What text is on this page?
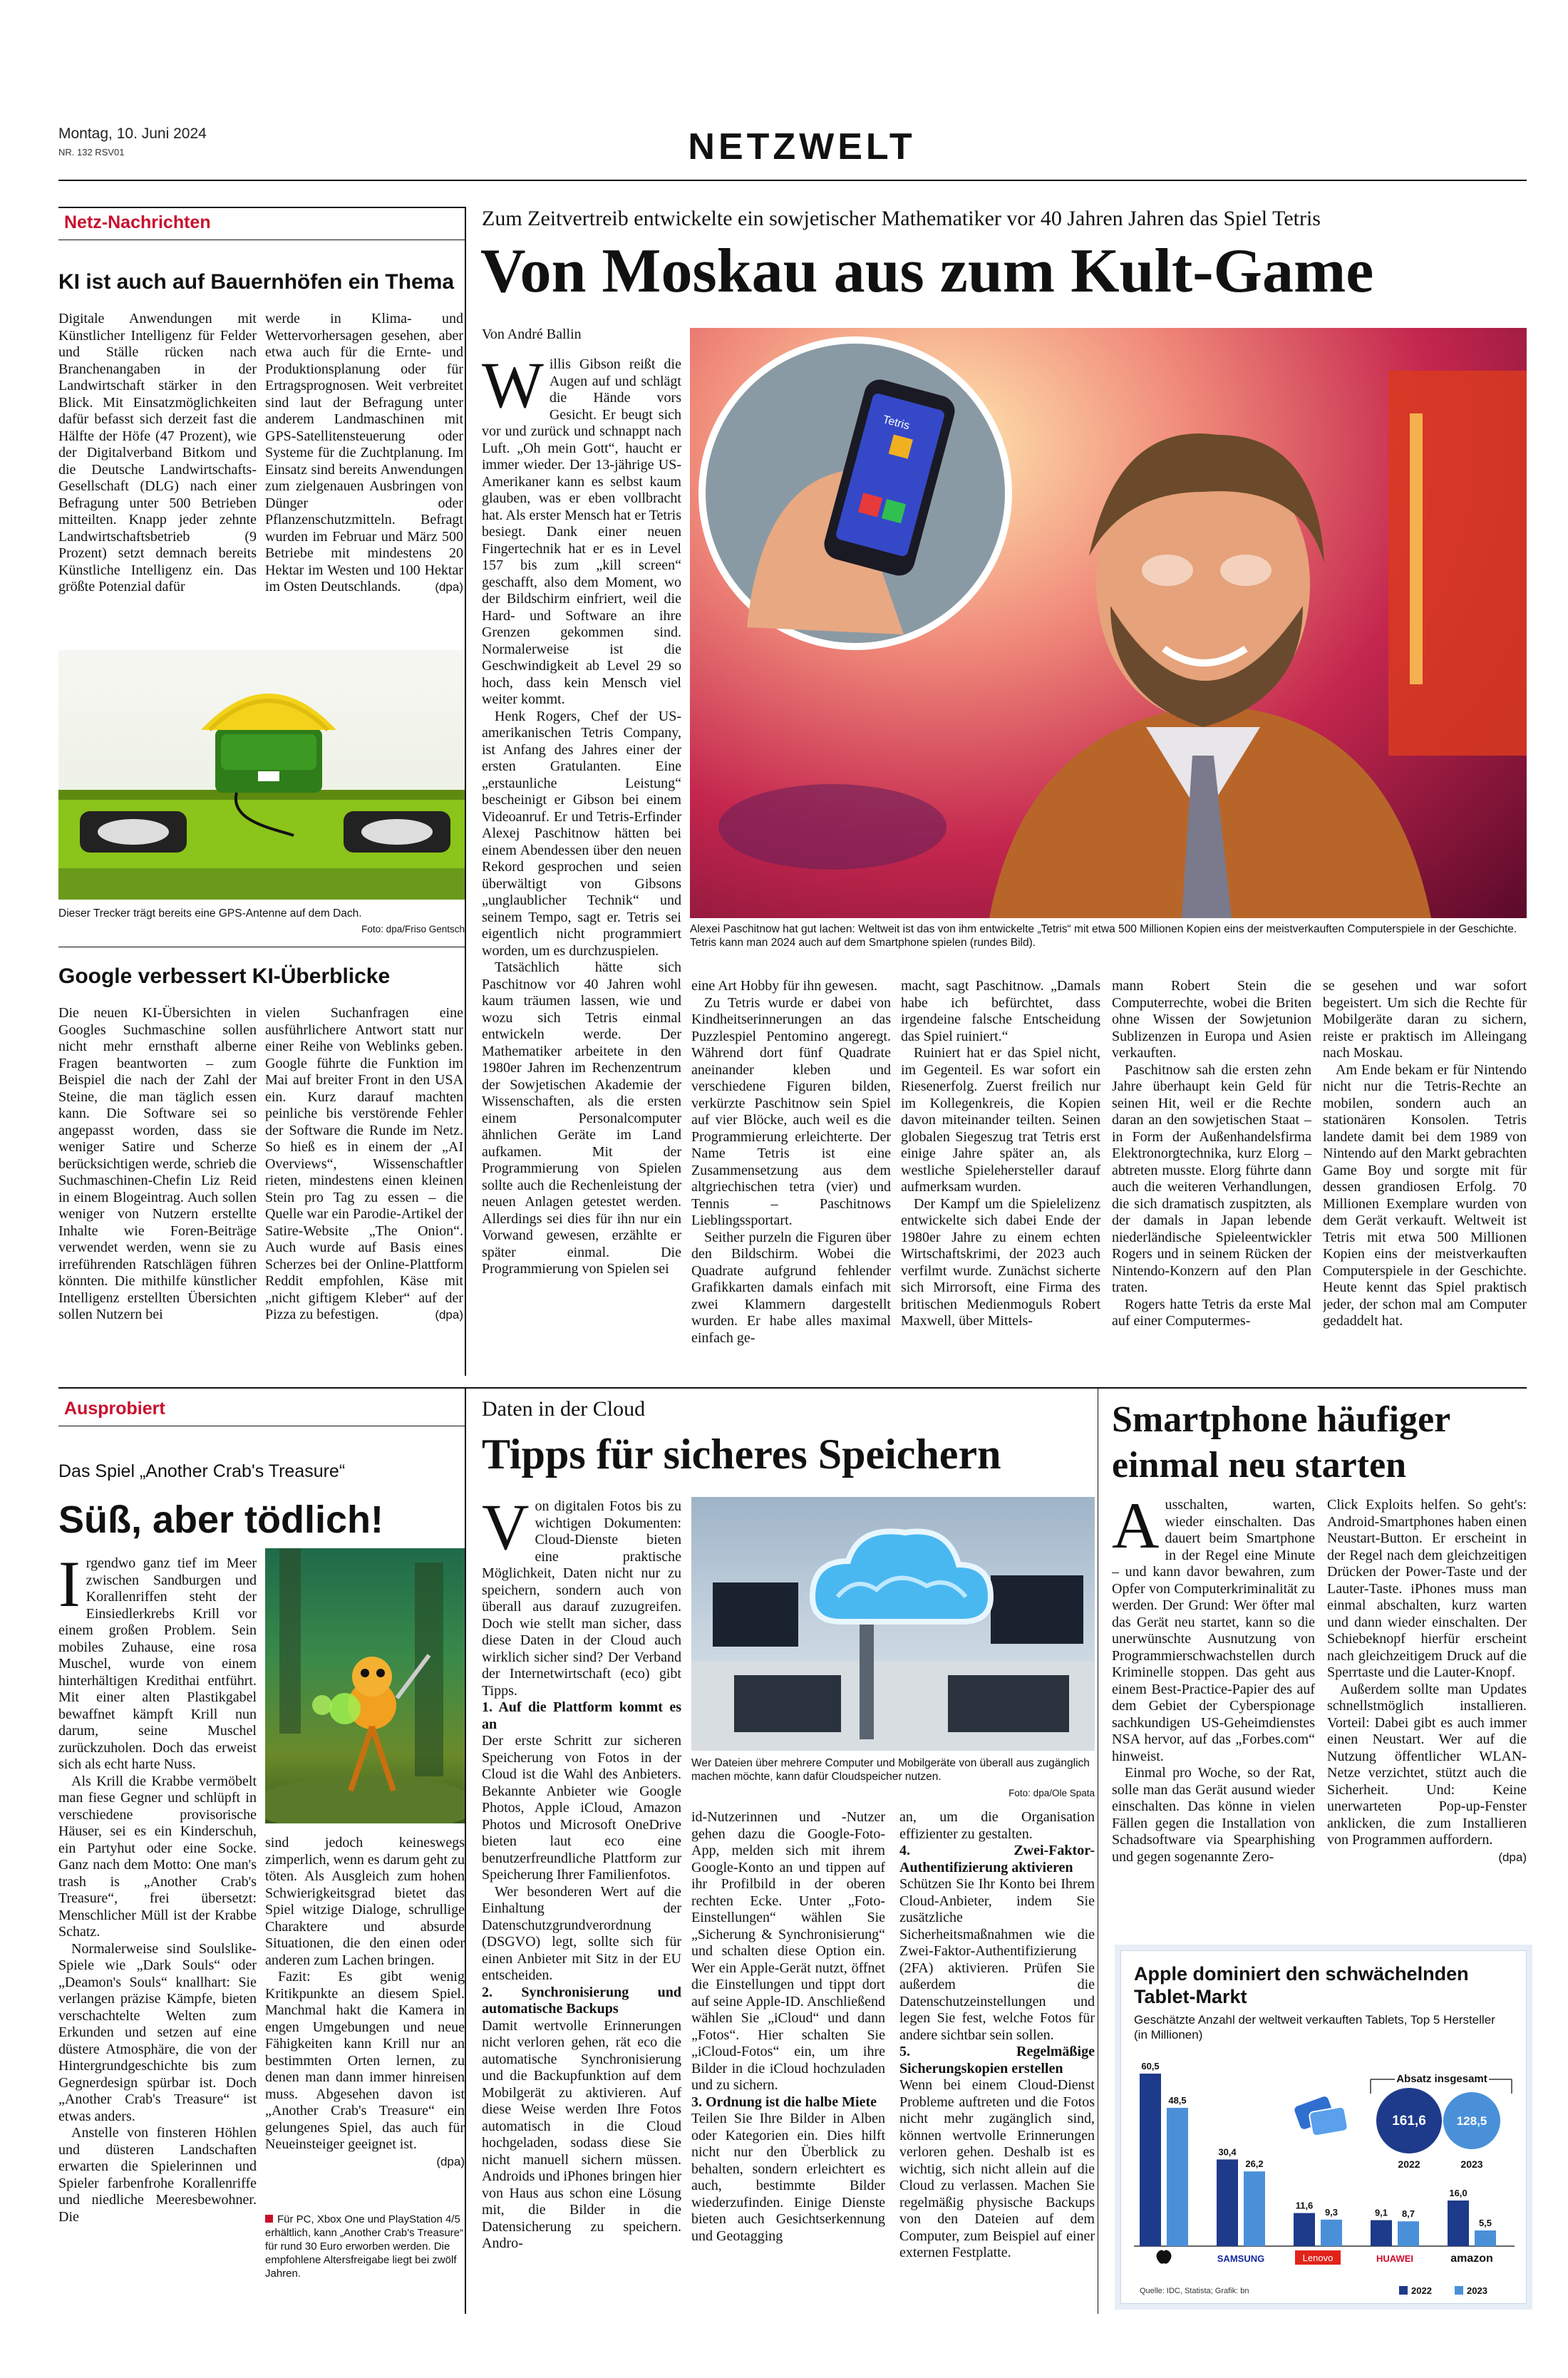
Montag, 10. Juni 2024
NR. 132 RSV01	NETZWELT
Netz-Nachrichten
KI ist auch auf Bauernhöfen ein Thema
Digitale Anwendungen mit Künstlicher Intelligenz für Felder und Ställe rücken nach Branchenangaben in der Landwirtschaft stärker in den Blick. Mit Einsatzmöglichkeiten dafür befasst sich derzeit fast die Hälfte der Höfe (47 Prozent), wie der Digitalverband Bitkom und die Deutsche Landwirtschafts-Gesellschaft (DLG) nach einer Befragung unter 500 Betrieben mitteilten. Knapp jeder zehnte Landwirtschaftsbetrieb (9 Prozent) setzt demnach bereits Künstliche Intelligenz ein. Das größte Potenzial dafür
werde in Klima- und Wettervorhersagen gesehen, aber etwa auch für die Ernte- und Produktionsplanung oder für Ertragsprognosen. Weit verbreitet sind laut der Befragung unter anderem Landmaschinen mit GPS-Satellitensteuerung oder Systeme für die Zuchtplanung. Im Einsatz sind bereits Anwendungen zum zielgenauen Ausbringen von Dünger oder Pflanzenschutzmitteln. Befragt wurden im Februar und März 500 Betriebe mit mindestens 20 Hektar im Westen und 100 Hektar im Osten Deutschlands.	(dpa)
Dieser Trecker trägt bereits eine GPS-Antenne auf dem Dach.
Foto: dpa/Friso Gentsch
Google verbessert KI-Überblicke
Die neuen KI-Übersichten in Googles Suchmaschine sollen nicht mehr ernsthaft alberne Fragen beantworten – zum Beispiel die nach der Zahl der Steine, die man täglich essen kann. Die Software sei so angepasst worden, dass sie weniger Satire und Scherze berücksichtigen werde, schrieb die Suchmaschinen-Chefin Liz Reid in einem Blogeintrag. Auch sollen weniger von Nutzern erstellte Inhalte wie Foren-Beiträge verwendet werden, wenn sie zu irreführenden Ratschlägen führen könnten. Die mithilfe künstlicher Intelligenz erstellten Übersichten sollen Nutzern bei
vielen Suchanfragen eine ausführlichere Antwort statt nur einer Reihe von Weblinks geben. Google führte die Funktion im Mai auf breiter Front in den USA ein. Kurz darauf machten peinliche bis verstörende Fehler der Software die Runde im Netz. So hieß es in einem der „AI Overviews“, Wissenschaftler rieten, mindestens einen kleinen Stein pro Tag zu essen – die Quelle war ein Parodie-Artikel der Satire-Website „The Onion“. Auch wurde auf Basis eines Scherzes bei der Online-Plattform Reddit empfohlen, Käse mit „nicht giftigem Kleber“ auf der Pizza zu befestigen.	(dpa)
Zum Zeitvertreib entwickelte ein sowjetischer Mathematiker vor 40 Jahren Jahren das Spiel Tetris
Von Moskau aus zum Kult-Game
Von André Ballin
Tetris
Alexei Paschitnow hat gut lachen: Weltweit ist das von ihm entwickelte „Tetris“ mit etwa 500 Millionen Kopien eins der meistverkauften Computerspiele in der Geschichte. Tetris kann man 2024 auch auf dem Smartphone spielen (rundes Bild).

Willis Gibson reißt die Augen auf und schlägt die Hände vors Gesicht. Er beugt sich vor und zurück und schnappt nach Luft. „Oh mein Gott“, haucht er immer wieder. Der 13-jährige US-Amerikaner kann es selbst kaum glauben, was er eben vollbracht hat. Als erster Mensch hat er Tetris besiegt. Dank einer neuen Fingertechnik hat er es in Level 157 bis zum „kill screen“ geschafft, also dem Moment, wo der Bildschirm einfriert, weil die Hard- und Software an ihre Grenzen gekommen sind. Normalerweise ist die Geschwindigkeit ab Level 29 so hoch, dass kein Mensch viel weiter kommt.

Henk Rogers, Chef der US-amerikanischen Tetris Company, ist Anfang des Jahres einer der ersten Gratulanten. Eine „erstaunliche Leistung“ bescheinigt er Gibson bei einem Videoanruf. Er und Tetris-Erfinder Alexej Paschitnow hätten bei einem Abendessen über den neuen Rekord gesprochen und seien überwältigt von Gibsons „unglaublicher Technik“ und seinem Tempo, sagt er. Tetris sei eigentlich nicht programmiert worden, um es durchzuspielen.

Tatsächlich hätte sich Paschitnow vor 40 Jahren wohl kaum träumen lassen, wie und wozu sich Tetris einmal entwickeln werde. Der Mathematiker arbeitete in den 1980er Jahren im Rechenzentrum der Sowjetischen Akademie der Wissenschaften, als die ersten einem Personalcomputer ähnlichen Geräte im Land aufkamen. Mit der Programmierung von Spielen sollte auch die Rechenleistung der neuen Anlagen getestet werden. Allerdings sei dies für ihn nur ein Vorwand gewesen, erzählte er später einmal. Die Programmierung von Spielen sei

eine Art Hobby für ihn gewesen.

Zu Tetris wurde er dabei von Kindheitserinnerungen an das Puzzlespiel Pentomino angeregt. Während dort fünf Quadrate aneinander kleben und verschiedene Figuren bilden, verkürzte Paschitnow sein Spiel auf vier Blöcke, auch weil es die Programmierung erleichterte. Der Name Tetris ist eine Zusammensetzung aus dem altgriechischen tetra (vier) und Tennis – Paschitnows Lieblingssportart.

Seither purzeln die Figuren über den Bildschirm. Wobei die Quadrate aufgrund fehlender Grafikkarten damals einfach mit zwei Klammern dargestellt wurden. Er habe alles maximal einfach ge-

macht, sagt Paschitnow. „Damals habe ich befürchtet, dass irgendeine falsche Entscheidung das Spiel ruiniert.“

Ruiniert hat er das Spiel nicht, im Gegenteil. Es war sofort ein Riesenerfolg. Zuerst freilich nur im Kollegenkreis, die Kopien davon miteinander teilten. Seinen globalen Siegeszug trat Tetris erst einige Jahre später an, als westliche Spielehersteller darauf aufmerksam wurden.

Der Kampf um die Spielelizenz entwickelte sich dabei Ende der 1980er Jahre zu einem echten Wirtschaftskrimi, der 2023 auch verfilmt wurde. Zunächst sicherte sich Mirrorsoft, eine Firma des britischen Medienmoguls Robert Maxwell, über Mittels-

mann Robert Stein die Computerrechte, wobei die Briten ohne Wissen der Sowjetunion Sublizenzen in Europa und Asien verkauften.

Paschitnow sah die ersten zehn Jahre überhaupt kein Geld für seinen Hit, weil er die Rechte daran an den sowjetischen Staat – in Form der Außenhandelsfirma Elektronorgtechnika, kurz Elorg – abtreten musste. Elorg führte dann auch die weiteren Verhandlungen, die sich dramatisch zuspitzten, als der damals in Japan lebende niederländische Spieleentwickler Rogers und in seinem Rücken der Nintendo-Konzern auf den Plan traten.

Rogers hatte Tetris da erste Mal auf einer Computermes-

se gesehen und war sofort begeistert. Um sich die Rechte für Mobilgeräte daran zu sichern, reiste er praktisch im Alleingang nach Moskau.

Am Ende bekam er für Nintendo nicht nur die Tetris-Rechte an mobilen, sondern auch an stationären Konsolen. Tetris landete damit bei dem 1989 von Nintendo auf den Markt gebrachten Game Boy und sorgte mit für dessen grandiosen Erfolg. 70 Millionen Exemplare wurden von dem Gerät verkauft. Weltweit ist Tetris mit etwa 500 Millionen Kopien eins der meistverkauften Computerspiele in der Geschichte. Heute kennt das Spiel praktisch jeder, der schon mal am Computer gedaddelt hat.

Ausprobiert
Das Spiel „Another Crab's Treasure“
Süß, aber tödlich!

Irgendwo ganz tief im Meer zwischen Sandburgen und Korallenriffen steht der Einsiedlerkrebs Krill vor einem großen Problem. Sein mobiles Zuhause, eine rosa Muschel, wurde von einem hinterhältigen Kredithai entführt. Mit einer alten Plastikgabel bewaffnet kämpft Krill nun darum, seine Muschel zurückzuholen. Doch das erweist sich als echt harte Nuss.

Als Krill die Krabbe vermöbelt man fiese Gegner und schlüpft in verschiedene provisorische Häuser, sei es ein Kinderschuh, ein Partyhut oder eine Socke. Ganz nach dem Motto: One man's trash is „Another Crab's Treasure“, frei übersetzt: Menschlicher Müll ist der Krabbe Schatz.

Normalerweise sind Soulslike-Spiele wie „Dark Souls“ oder „Deamon's Souls“ knallhart: Sie verlangen präzise Kämpfe, bieten verschachtelte Welten zum Erkunden und setzen auf eine düstere Atmosphäre, die von der Hintergrundgeschichte bis zum Gegnerdesign spürbar ist. Doch „Another Crab's Treasure“ ist etwas anders.

Anstelle von finsteren Höhlen und düsteren Landschaften erwarten die Spielerinnen und Spieler farbenfrohe Korallenriffe und niedliche Meeresbewohner. Die

sind jedoch keineswegs zimperlich, wenn es darum geht zu töten. Als Ausgleich zum hohen Schwierigkeitsgrad bietet das Spiel witzige Dialoge, schrullige Charaktere und absurde Situationen, die den einen oder anderen zum Lachen bringen.

Fazit: Es gibt wenig Kritikpunkte an diesem Spiel. Manchmal hakt die Kamera in engen Umgebungen und neue Fähigkeiten kann Krill nur an bestimmten Orten lernen, zu denen man dann immer hinreisen muss. Abgesehen davon ist „Another Crab's Treasure“ ein gelungenes Spiel, das auch für Neueinsteiger geeignet ist.

(dpa)

Für PC, Xbox One und PlayStation 4/5 erhältlich, kann „Another Crab's Treasure“ für rund 30 Euro erworben werden. Die empfohlene Altersfreigabe liegt bei zwölf Jahren.
Daten in der Cloud
Tipps für sicheres Speichern

Von digitalen Fotos bis zu wichtigen Dokumenten: Cloud-Dienste bieten eine praktische Möglichkeit, Daten nicht nur zu speichern, sondern auch von überall aus darauf zuzugreifen. Doch wie stellt man sicher, dass diese Daten in der Cloud auch wirklich sicher sind? Der Verband der Internetwirtschaft (eco) gibt Tipps.

1. Auf die Plattform kommt es an

Der erste Schritt zur sicheren Speicherung von Fotos in der Cloud ist die Wahl des Anbieters. Bekannte Anbieter wie Google Photos, Apple iCloud, Amazon Photos und Microsoft OneDrive bieten laut eco eine benutzerfreundliche Plattform zur Speicherung Ihrer Familienfotos.

Wer besonderen Wert auf die Einhaltung der Datenschutzgrundverordnung (DSGVO) legt, sollte sich für einen Anbieter mit Sitz in der EU entscheiden.

2. Synchronisierung und automatische Backups

Damit wertvolle Erinnerungen nicht verloren gehen, rät eco die automatische Synchronisierung und die Backupfunktion auf dem Mobilgerät zu aktivieren. Auf diese Weise werden Ihre Fotos automatisch in die Cloud hochgeladen, sodass diese Sie nicht manuell sichern müssen. Androids und iPhones bringen hier von Haus aus schon eine Lösung mit, die Bilder in die Datensicherung zu speichern. Andro-

Wer Dateien über mehrere Computer und Mobilgeräte von überall aus zugänglich machen möchte, kann dafür Cloudspeicher nutzen.
Foto: dpa/Ole Spata

id-Nutzerinnen und -Nutzer gehen dazu die Google-Foto-App, melden sich mit ihrem Google-Konto an und tippen auf ihr Profilbild in der oberen rechten Ecke. Unter „Foto-Einstellungen“ wählen Sie „Sicherung & Synchronisierung“ und schalten diese Option ein. Wer ein Apple-Gerät nutzt, öffnet die Einstellungen und tippt dort auf seine Apple-ID. Anschließend wählen Sie „iCloud“ und dann „Fotos“. Hier schalten Sie „iCloud-Fotos“ ein, um ihre Bilder in die iCloud hochzuladen und zu sichern.

3. Ordnung ist die halbe Miete

Teilen Sie Ihre Bilder in Alben oder Kategorien ein. Dies hilft nicht nur den Überblick zu behalten, sondern erleichtert es auch, bestimmte Bilder wiederzufinden. Einige Dienste bieten auch Gesichtserkennung und Geotagging

an, um die Organisation effizienter zu gestalten.

4. Zwei-Faktor-Authentifizierung aktivieren

Schützen Sie Ihr Konto bei Ihrem Cloud-Anbieter, indem Sie zusätzliche Sicherheitsmaßnahmen wie die Zwei-Faktor-Authentifizierung (2FA) aktivieren. Prüfen Sie außerdem die Datenschutzeinstellungen und legen Sie fest, welche Fotos für andere sichtbar sein sollen.

5. Regelmäßige Sicherungskopien erstellen

Wenn bei einem Cloud-Dienst Probleme auftreten und die Fotos nicht mehr zugänglich sind, können wertvolle Erinnerungen verloren gehen. Deshalb ist es wichtig, sich nicht allein auf die Cloud zu verlassen. Machen Sie regelmäßig physische Backups von den Dateien auf dem Computer, zum Beispiel auf einer externen Festplatte.

Smartphone häufiger einmal neu starten

Ausschalten, warten, wieder einschalten. Das dauert beim Smartphone in der Regel eine Minute – und kann davor bewahren, zum Opfer von Computerkriminalität zu werden. Der Grund: Wer öfter mal das Gerät neu startet, kann so die unerwünschte Ausnutzung von Programmierschwachstellen durch Kriminelle stoppen. Das geht aus einem Best-Practice-Papier des auf dem Gebiet der Cyberspionage sachkundigen US-Geheimdienstes NSA hervor, auf das „Forbes.com“ hinweist.

Einmal pro Woche, so der Rat, solle man das Gerät ausund wieder einschalten. Das könne in vielen Fällen gegen die Installation von Schadsoftware via Spearphishing und gegen sogenannte Zero-

Click Exploits helfen. So geht's: Android-Smartphones haben einen Neustart-Button. Er erscheint in der Regel nach dem gleichzeitigen Drücken der Power-Taste und der Lauter-Taste. iPhones muss man einmal abschalten, kurz warten und dann wieder einschalten. Der Schiebeknopf hierfür erscheint nach gleichzeitigem Druck auf die Sperrtaste und die Lauter-Knopf.

Außerdem sollte man Updates schnellstmöglich installieren. Vorteil: Dabei gibt es auch immer einen Neustart. Wer auf die Nutzung öffentlicher WLAN-Netze verzichtet, stützt auch die Sicherheit. Und: Keine unerwarteten Pop-up-Fenster anklicken, die zum Installieren von Programmen auffordern.

(dpa)

Apple dominiert den schwächelnden Tablet-Markt
Geschätzte Anzahl der weltweit verkauften Tablets, Top 5 Hersteller (in Millionen)
60,5
48,5
30,4
26,2
SAMSUNG
11,6
9,3
Lenovo
9,1 8,7
HUAWEI
16,0
5,5
amazon
Absatz insgesamt
161,6
2022
128,5
2023
Quelle: IDC, Statista; Grafik: bn	2022	2023
